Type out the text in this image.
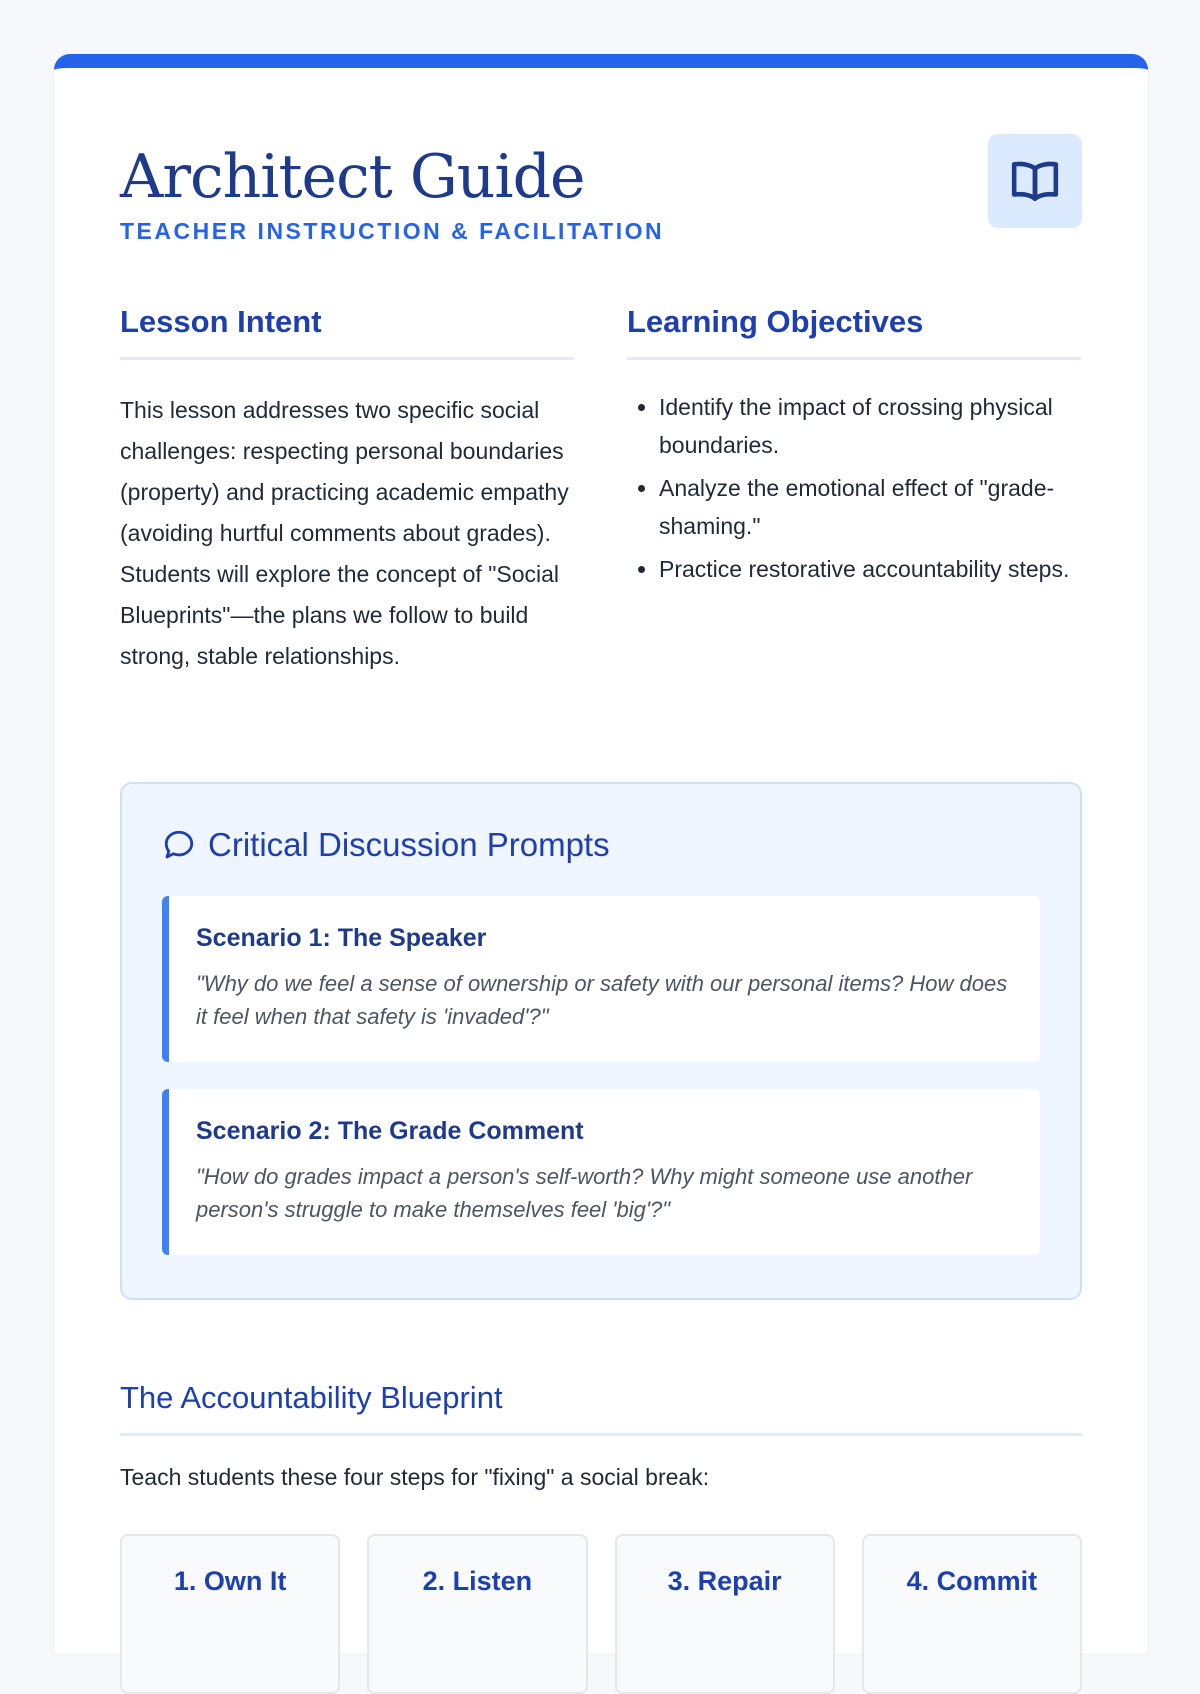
Architect Guide
TEACHER INSTRUCTION & FACILITATION
Lesson Intent

This lesson addresses two specific social challenges: respecting personal boundaries (property) and practicing academic empathy (avoiding hurtful comments about grades). Students will explore the concept of "Social Blueprints"—the plans we follow to build strong, stable relationships.

Learning Objectives
• Identify the impact of crossing physical boundaries.
• Analyze the emotional effect of "grade-shaming."
• Practice restorative accountability steps.
Critical Discussion Prompts
Scenario 1: The Speaker
"Why do we feel a sense of ownership or safety with our personal items? How does it feel when that safety is 'invaded'?"
Scenario 2: The Grade Comment
"How do grades impact a person's self-worth? Why might someone use another person's struggle to make themselves feel 'big'?"
The Accountability Blueprint
Teach students these four steps for "fixing" a social break:
1. Own It	2. Listen	3. Repair	4. Commit
